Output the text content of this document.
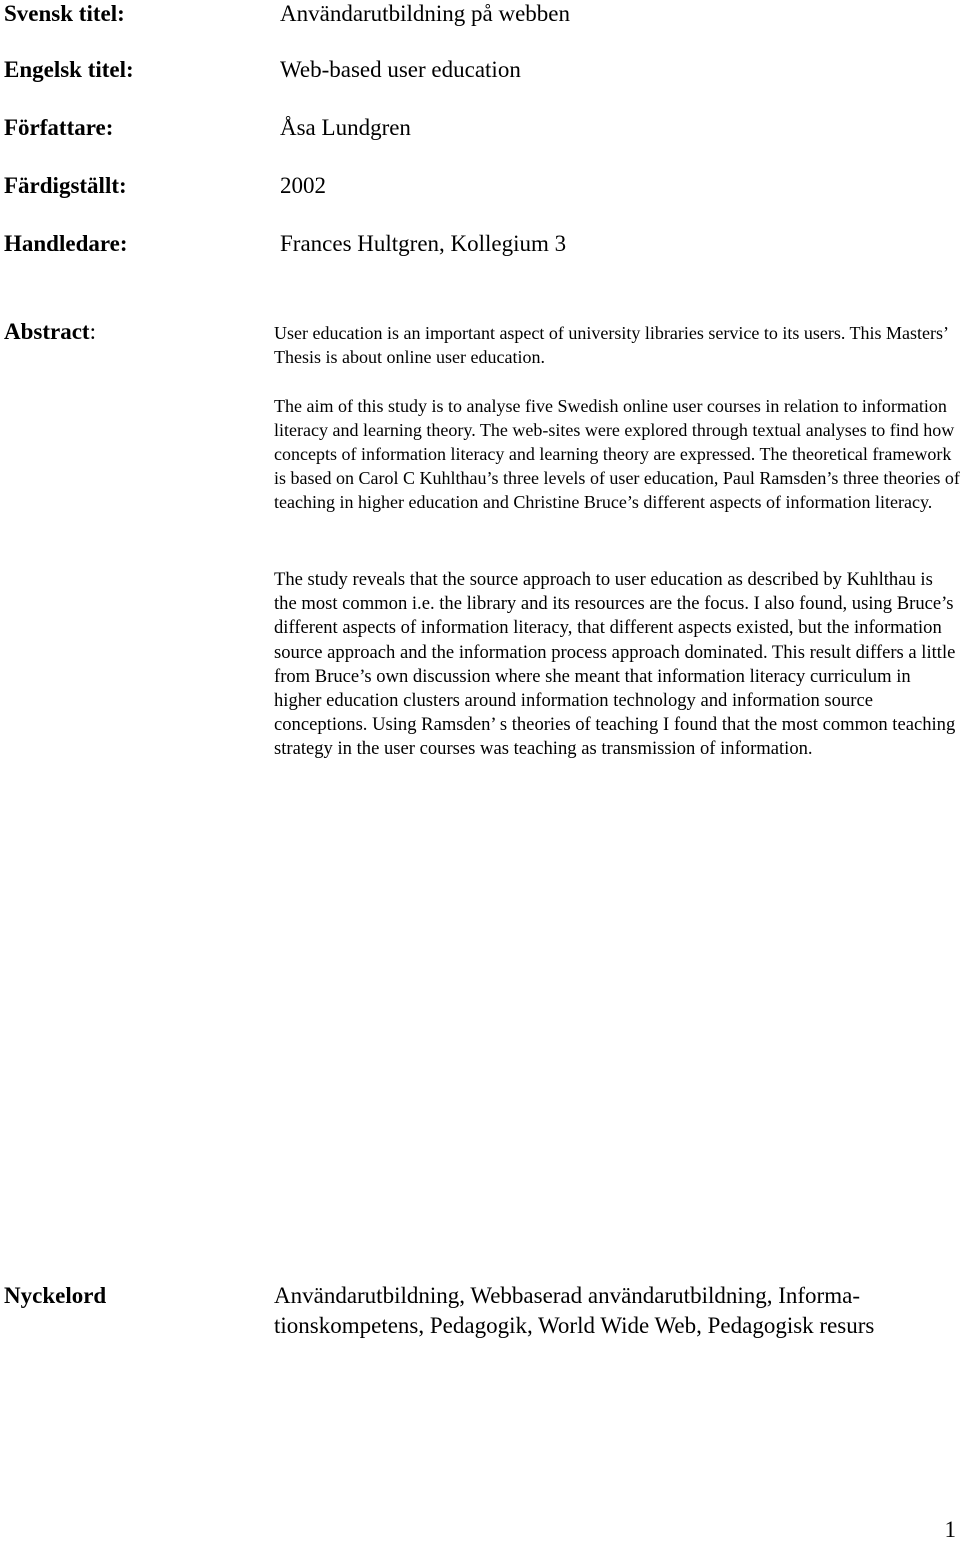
Svensk titel:	Användarutbildning på webben
Engelsk titel:	Web-based user education
Författare:	Åsa Lundgren
Färdigställt:	2002
Handledare:	Frances Hultgren, Kollegium 3
Abstract:	User education is an important aspect of university libraries service to its users. This Masters’ Thesis is about online user education.

The aim of this study is to analyse five Swedish online user courses in relation to information literacy and learning theory. The web-sites were explored through textual analyses to find how concepts of information literacy and learning theory are expressed. The theoretical framework is based on Carol C Kuhlthau’s three levels of user education, Paul Ramsden’s three theories of teaching in higher education and Christine Bruce’s different aspects of information literacy.

The study reveals that the source approach to user education as described by Kuhlthau is the most common i.e. the library and its resources are the focus. I also found, using Bruce’s different aspects of information literacy, that different aspects existed, but the information source approach and the information process approach dominated. This result differs a little from Bruce’s own discussion where she meant that information literacy curriculum in higher education clusters around information technology and information source conceptions. Using Ramsden’ s theories of teaching I found that the most common teaching strategy in the user courses was teaching as transmission of information.

Nyckelord	Användarutbildning, Webbaserad användarutbildning, Informa-tionskompetens, Pedagogik, World Wide Web, Pedagogisk resurs
1
